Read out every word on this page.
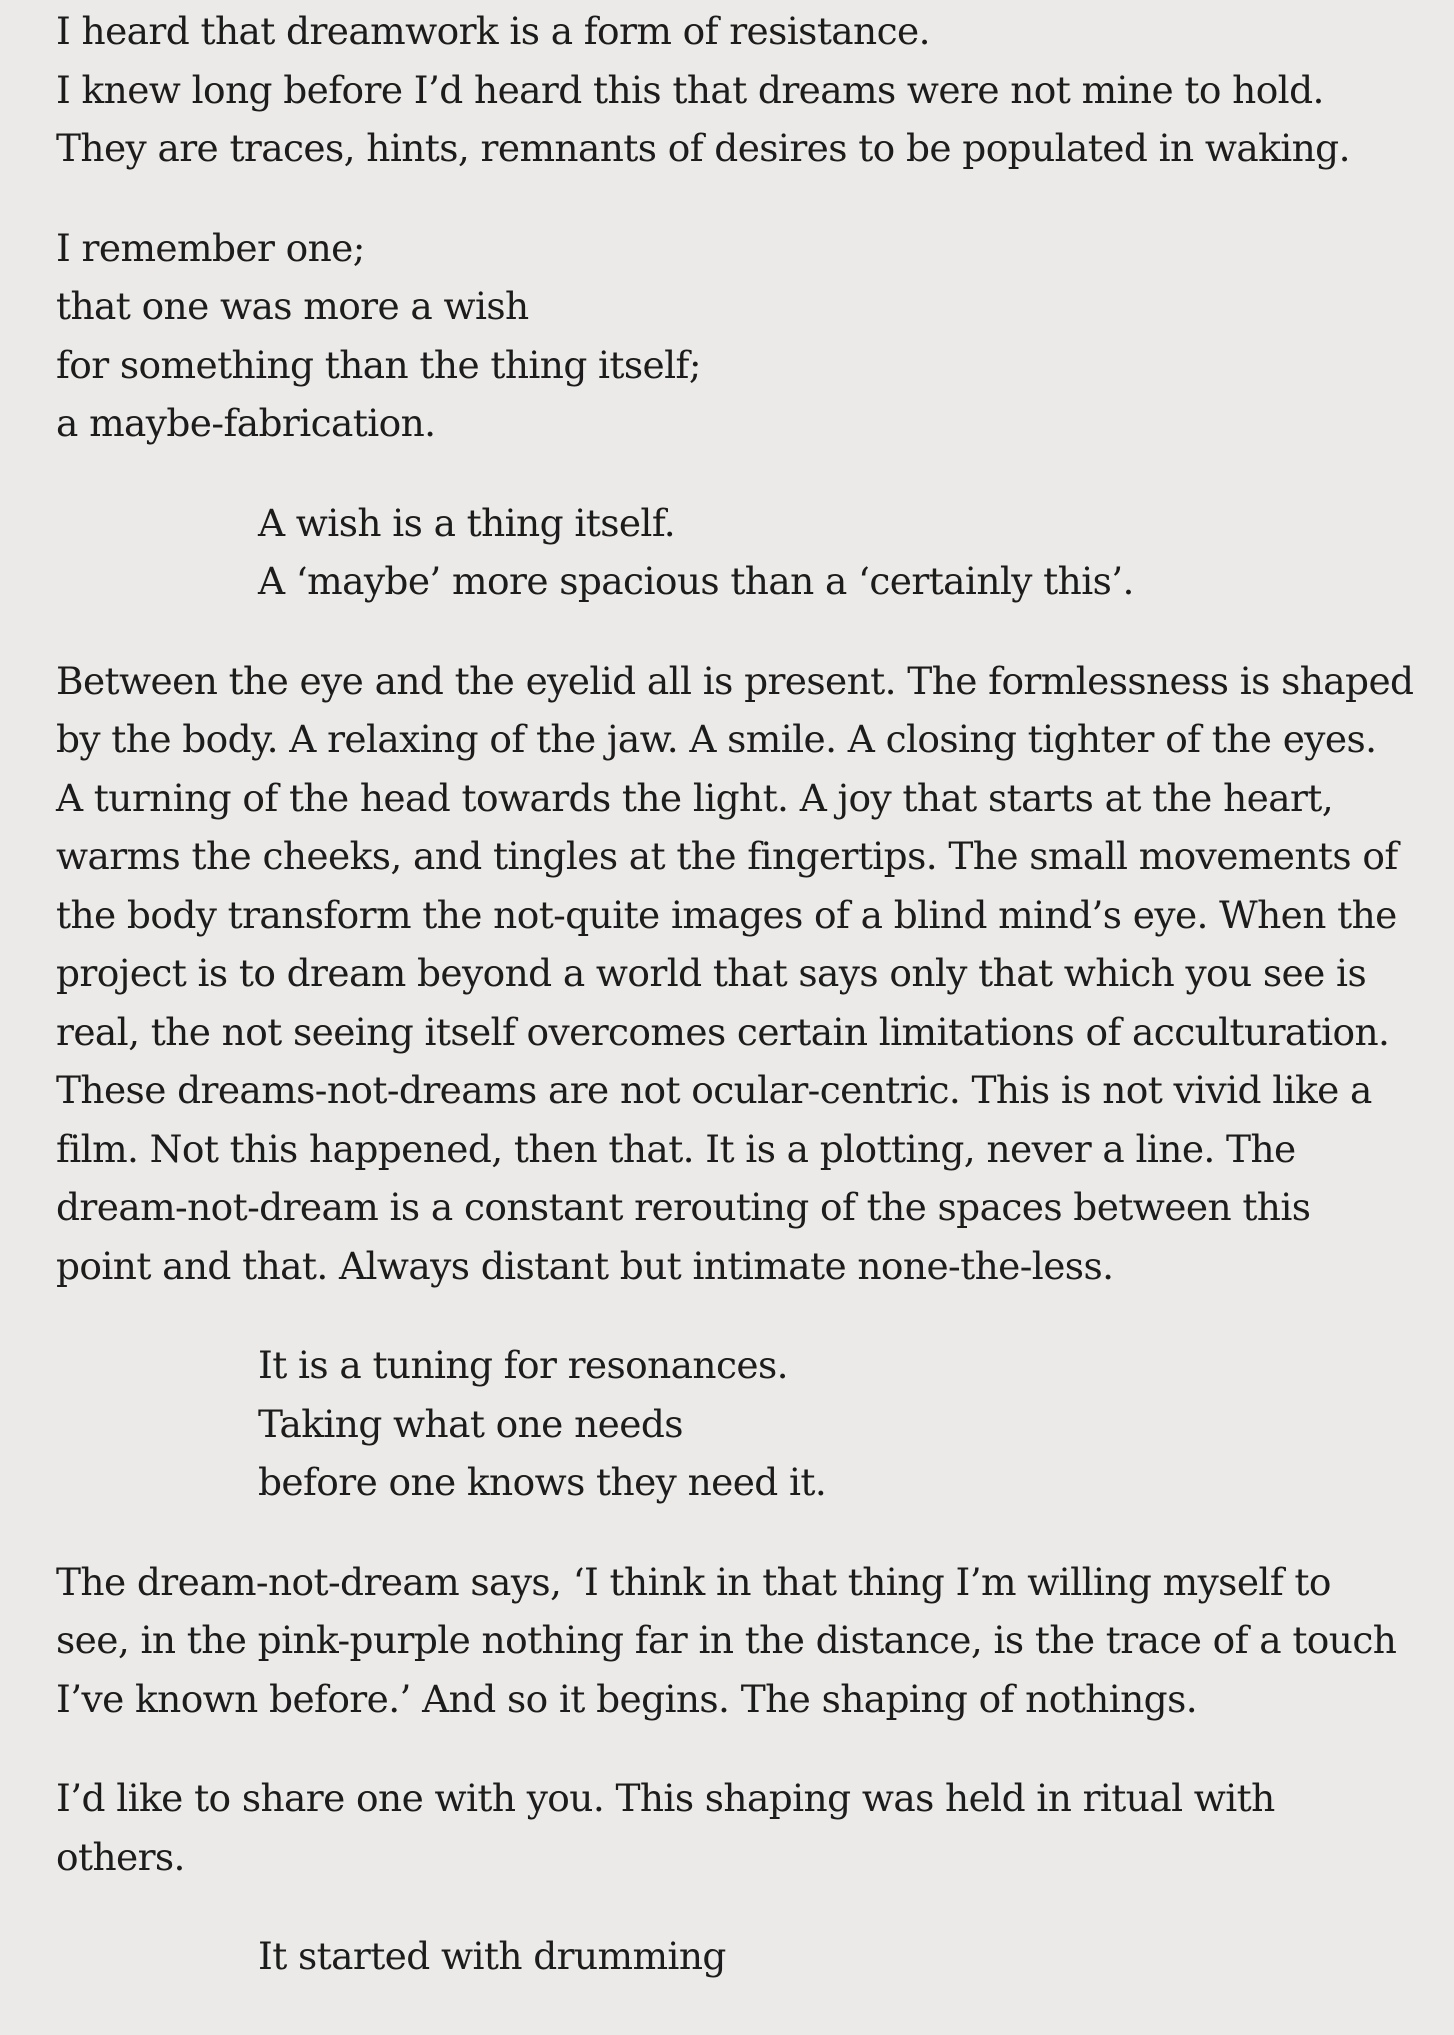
I heard that dreamwork is a form of resistance.
I knew long before I’d heard this that dreams were not mine to hold.
They are traces, hints, remnants of desires to be populated in waking.
I remember one;
that one was more a wish
for something than the thing itself;
a maybe-fabrication.
A wish is a thing itself.
A ‘maybe’ more spacious than a ‘certainly this’.
Between the eye and the eyelid all is present. The formlessness is shaped
by the body. A relaxing of the jaw. A smile. A closing tighter of the eyes.
A turning of the head towards the light. A joy that starts at the heart,
warms the cheeks, and tingles at the fingertips. The small movements of
the body transform the not-quite images of a blind mind’s eye. When the
project is to dream beyond a world that says only that which you see is
real, the not seeing itself overcomes certain limitations of acculturation.
These dreams-not-dreams are not ocular-centric. This is not vivid like a
film. Not this happened, then that. It is a plotting, never a line. The
dream-not-dream is a constant rerouting of the spaces between this
point and that. Always distant but intimate none-the-less.
It is a tuning for resonances.
Taking what one needs
before one knows they need it.
The dream-not-dream says, ‘I think in that thing I’m willing myself to
see, in the pink-purple nothing far in the distance, is the trace of a touch
I’ve known before.’ And so it begins. The shaping of nothings.
I’d like to share one with you. This shaping was held in ritual with
others.
It started with drumming
